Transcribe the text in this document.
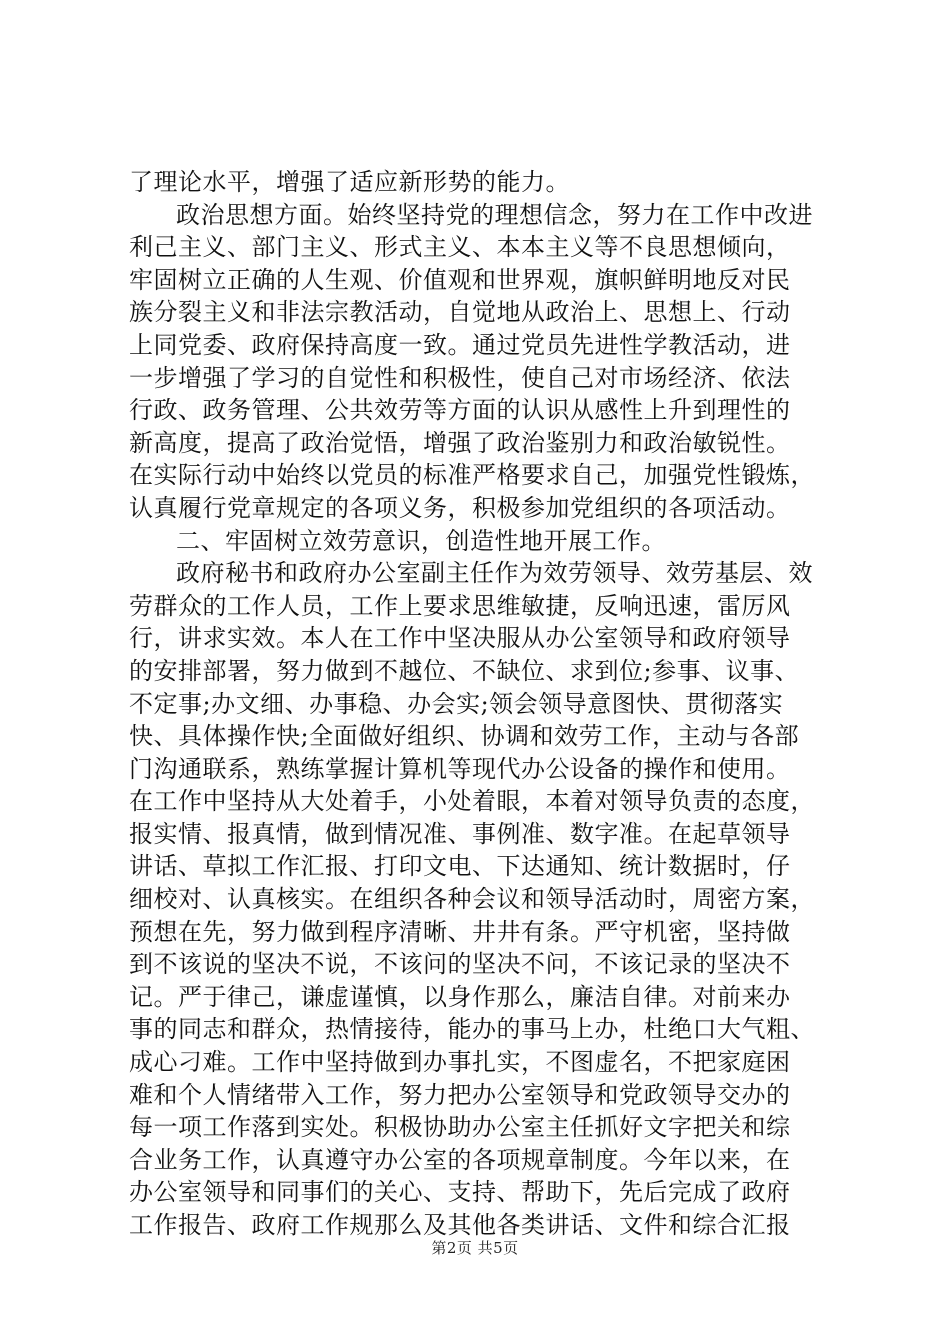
了理论水平，增强了适应新形势的能力。
政治思想方面。始终坚持党的理想信念，努力在工作中改进
利己主义、部门主义、形式主义、本本主义等不良思想倾向，
牢固树立正确的人生观、价值观和世界观，旗帜鲜明地反对民
族分裂主义和非法宗教活动，自觉地从政治上、思想上、行动
上同党委、政府保持高度一致。通过党员先进性学教活动，进
一步增强了学习的自觉性和积极性，使自己对市场经济、依法
行政、政务管理、公共效劳等方面的认识从感性上升到理性的
新高度，提高了政治觉悟，增强了政治鉴别力和政治敏锐性。
在实际行动中始终以党员的标准严格要求自己，加强党性锻炼，
认真履行党章规定的各项义务，积极参加党组织的各项活动。
二、牢固树立效劳意识，创造性地开展工作。
政府秘书和政府办公室副主任作为效劳领导、效劳基层、效
劳群众的工作人员，工作上要求思维敏捷，反响迅速，雷厉风
行，讲求实效。本人在工作中坚决服从办公室领导和政府领导
的安排部署，努力做到不越位、不缺位、求到位;参事、议事、
不定事;办文细、办事稳、办会实;领会领导意图快、贯彻落实
快、具体操作快;全面做好组织、协调和效劳工作，主动与各部
门沟通联系，熟练掌握计算机等现代办公设备的操作和使用。
在工作中坚持从大处着手，小处着眼，本着对领导负责的态度，
报实情、报真情，做到情况准、事例准、数字准。在起草领导
讲话、草拟工作汇报、打印文电、下达通知、统计数据时，仔
细校对、认真核实。在组织各种会议和领导活动时，周密方案，
预想在先，努力做到程序清晰、井井有条。严守机密，坚持做
到不该说的坚决不说，不该问的坚决不问，不该记录的坚决不
记。严于律己，谦虚谨慎，以身作那么，廉洁自律。对前来办
事的同志和群众，热情接待，能办的事马上办，杜绝口大气粗、
成心刁难。工作中坚持做到办事扎实，不图虚名，不把家庭困
难和个人情绪带入工作，努力把办公室领导和党政领导交办的
每一项工作落到实处。积极协助办公室主任抓好文字把关和综
合业务工作，认真遵守办公室的各项规章制度。今年以来，在
办公室领导和同事们的关心、支持、帮助下，先后完成了政府
工作报告、政府工作规那么及其他各类讲话、文件和综合汇报
第2页 共5页
